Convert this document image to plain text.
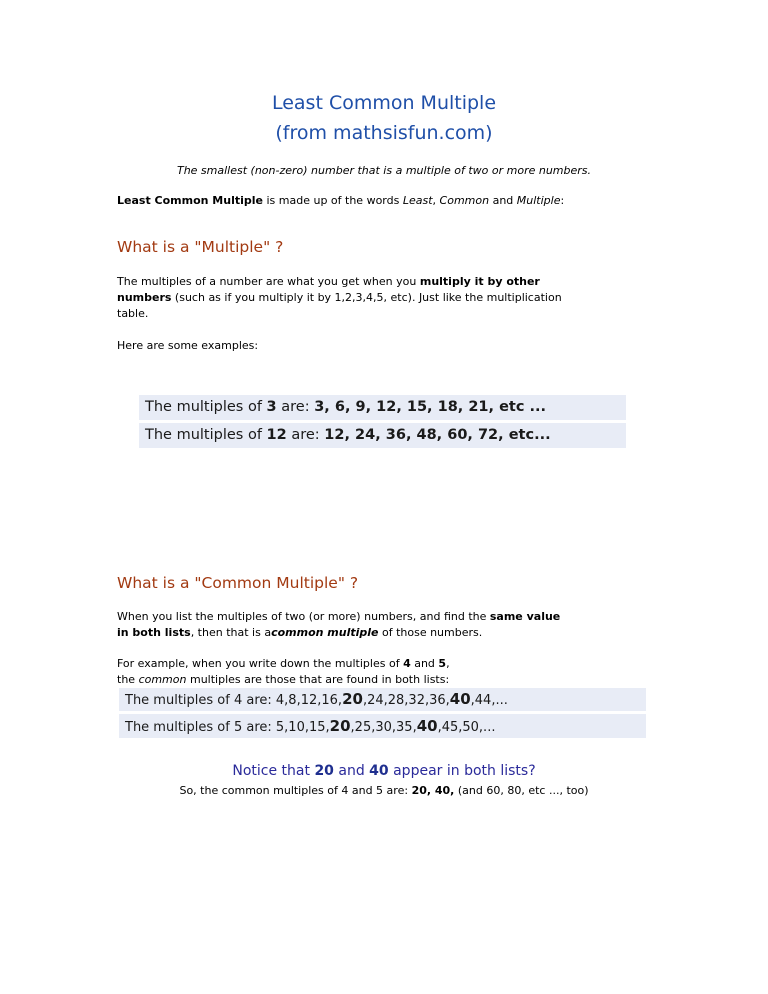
Least Common Multiple
(from mathsisfun.com)

The smallest (non-zero) number that is a multiple of two or more numbers.

Least Common Multiple is made up of the words Least, Common and Multiple:

What is a "Multiple" ?

The multiples of a number are what you get when you multiply it by other
numbers (such as if you multiply it by 1,2,3,4,5, etc). Just like the multiplication
table.

Here are some examples:

The multiples of 3 are: 3, 6, 9, 12, 15, 18, 21, etc ...
The multiples of 12 are: 12, 24, 36, 48, 60, 72, etc...
What is a "Common Multiple" ?

When you list the multiples of two (or more) numbers, and find the same value
in both lists, then that is acommon multiple of those numbers.

For example, when you write down the multiples of 4 and 5,
the common multiples are those that are found in both lists:

The multiples of 4 are: 4,8,12,16,20,24,28,32,36,40,44,...
The multiples of 5 are: 5,10,15,20,25,30,35,40,45,50,...
Notice that 20 and 40 appear in both lists?

So, the common multiples of 4 and 5 are: 20, 40, (and 60, 80, etc ..., too)
